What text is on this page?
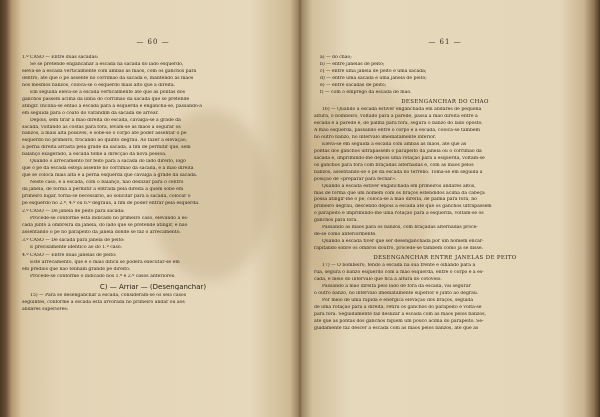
— 60 —

1.º CASO — Entre duas sacadas:

Se se pretende engancahar a escada na sacada do lado esquerdo,

eleva-se a escada verticalmente com ambas as mãos, com os ganchos para

dentro, até que o pé assente no corrimão da sacada e, mantendo as mãos

nos mesmos banzos, coloca-se o esquerdo mais alto que a direita.

Em seguida eleva-se a escada verticalmente até que as pontas dos

ganchos passem acima da linha do corrimão da sacada que se pretende

atingir. Inclina-se então a escada para a esquerda e engancha-se, passando-a

em seguida para o coato do varandim da sacada de arrear.

Depois, sem tirar a mão direita do escada, cavalga-se a grade da

sacada, voltando as costas para fora, levam-se as mãos a segurar os

banzos, a mais alta possível, e sobe-se o corpo até poder assentar o pé

esquerdo no primeiro, trocando ao quinto degrau. Ao fazer a elevação,

a perna direita arrasta pela grade da sacada, a fim de permitir que, sem

balanço exagerado, a escada tome a direcção da nova pessoa.

Quando o arrecamento for feito para a sacada do lado direito, logo

que o pé da escada esteja assente no corrimão da sacada, é a mão direita

que se coloca mais alta e a perna esquerda que cavalga a grade da sacada.

Neste caso, e a escada, com o balanço, não deslizar para o centro

da janela, de forma a permitir a entrada pela direita a quem sobe em

primeiro lugar, torna-se necessário, ao solicitar para a sacada, colocar o

pé esquerdo no 2.º, 4.º ou 6.º degraus, a fim de poder entrar pela esquerda.

2.º CASO — De janela de peito para sacada:

Procede-se conforme está indicado no primeiro caso, elevando a es-

cada junto à ombreira da janela, do lado que se pretende atingir, e não

assentando o pé no parapeito da janela donde se faz o arrecamento.

3.º CASO — De sacada para janela de peito:

É precisamente idêntico ao do 1.º caso.

4.º CASO — Entre duas janelas de peito:

Este arrecamento, que é o mais difícil se poderá executar-se em

em prédios que não tenham grande pé direito.

Procede-se conforme o indicado nos 1.º e 2.º casos anteriores.

C) — Arriar — (Desenganchar)

15) — Para se desenganchar a escada, consideram-se os seis casos

seguintes, conforme a escada está arvorada no primeiro andar ou aos

andares superiores:

— 61 —

a) — do chão;

b) — entre janelas de peito;

c) — entre uma janela de peito e uma sacada;

d) — entre uma sacada e uma janela de peito;

e) — entre sacadas de peito;

f) — com o emprego da escada de mão.

DESENGANCHAR DO CHÃO

16) — Quando a escada estiver enganchada em andares de pequena

altura, o bombeiro, voltado para a parede, passa a mão direita entre a

escada e a parede e, de palma para fora, segura o banzo do lado oposto.

A mão esquerda, passando entre o corpo e a escada, coloca-se também

no outro banzo, no intervalo imediatamente inferior.

Eleva-se em seguida a escada com ambas as mãos, até que as

pontas dos ganchos ultrapassem o parapeito da janela ou o corrimão da

sacada e, imprimindo-lhe depois uma rotação para a esquerda, voltam-se

os ganchos para fora com braçadas alternadas e, com as mãos pelos

banzos, assentando-se o pé da escada no terreno. Toma-se em seguida a

posição de «preparar para fechar».

Quando a escada estiver enganchada em primeiros andares altos,

mas de forma que um homem com os braços estendidos acima da cabeça

possa atingir-lhe o pé, coloca-se a mão direita, de palma para fora, no

primeiro degrau, descendo depois a escada até que os ganchos ultrapassem

o parapeito e imprimindo-lhe uma rotação para a esquerda, voltam-se os

ganchos para fora.

Passando as mãos para os banzos, com braçadas alternadas proce-

de-se como anteriormente.

Quando a escada tiver que ser desenganchada por um homem encar-

rapitando sobre os ombros doutro, procede-se também como já se disse.

DESENGANCHAR ENTRE JANELAS DE PEITO

17) — O bombeiro, tendo a escada na sua frente e olhando para a

rua, segura o banzo esquerdo com a mão esquerda, entre o corpo e a es-

cada, e meio do intervalo que fica à altura do cotovelo.

Passando a mão direita pelo lado de fora da escada, vai segurar

o outro banzo, no intervalo imediatamente superior e junto ao degrau.

Por meio de uma rápida e enérgica elevação dos braços, seguida

de uma rotação para a direita, retira os ganchos do parapeito e volta-se

para fora. Seguidamente faz deslizar a escada com as mãos pelos banzos,

até que as pontas dos ganchos fiquem um pouco acima do parapeito. Se-

guidamente faz descer a escada com as mãos pelos banzos, até que as
